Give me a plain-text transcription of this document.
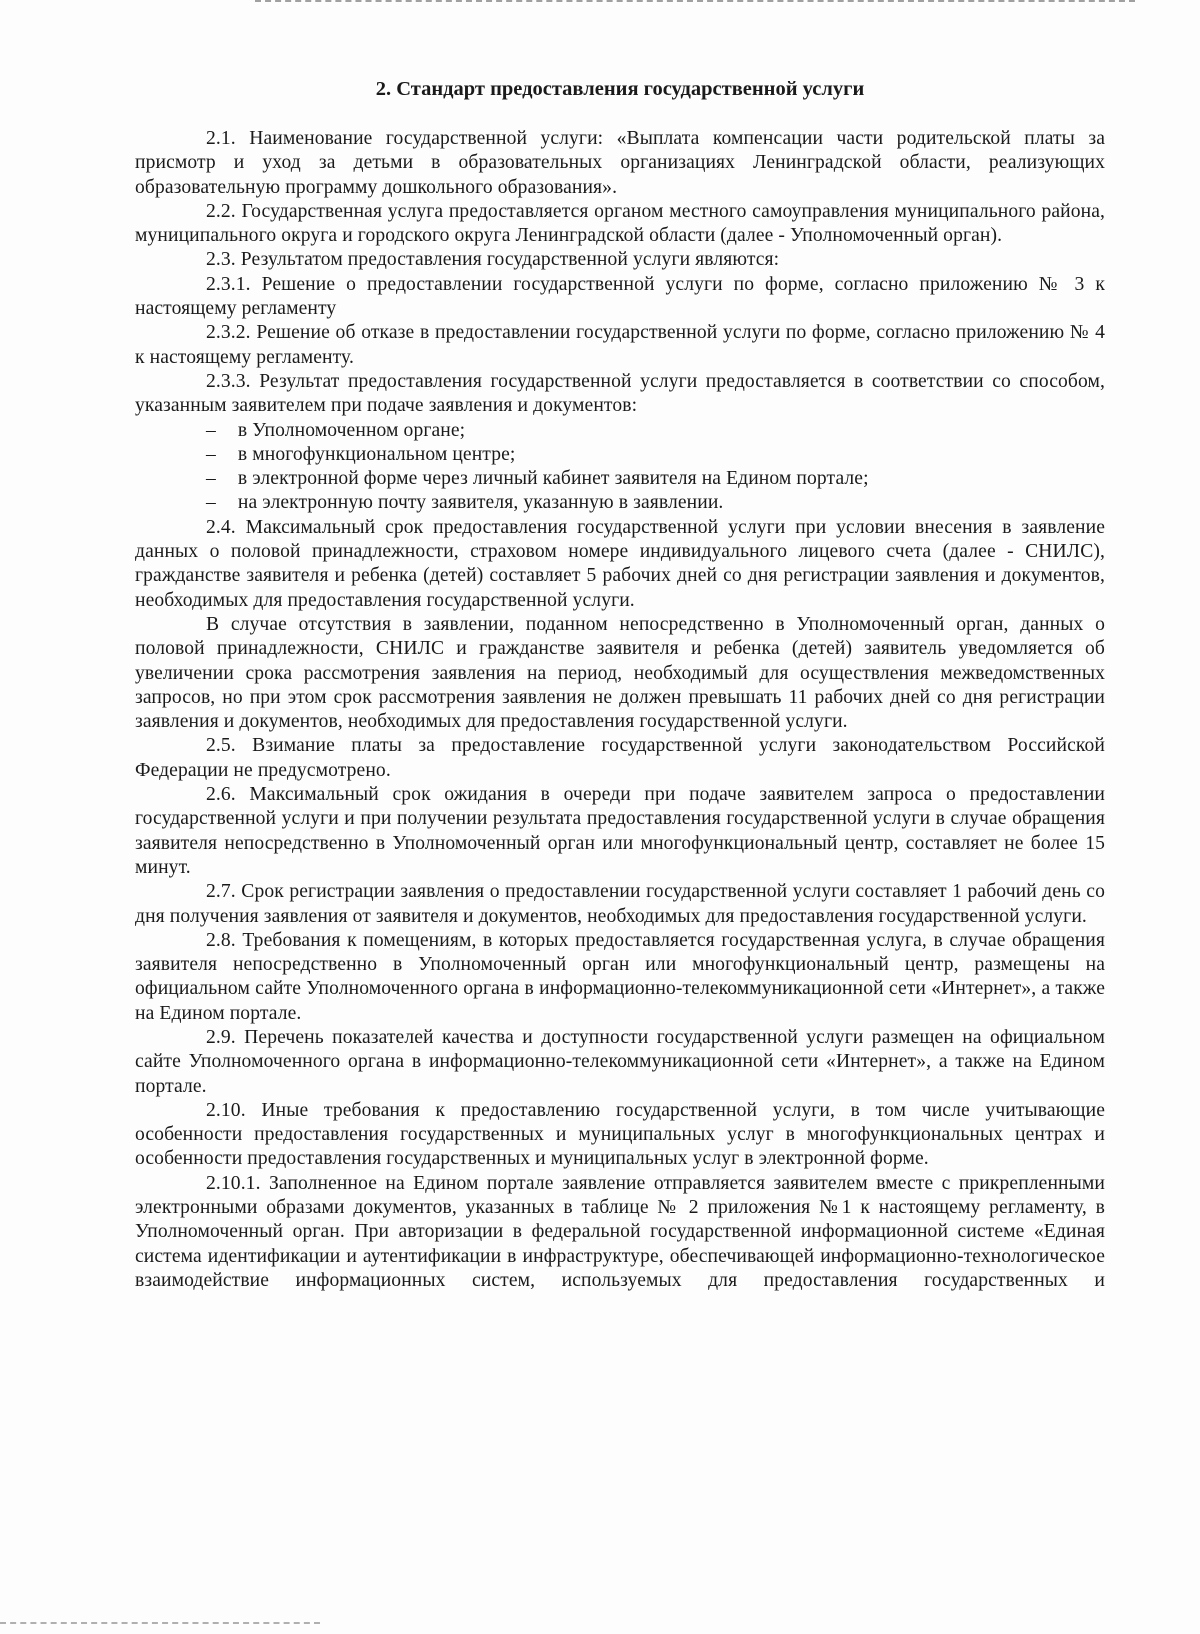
2. Стандарт предоставления государственной услуги

2.1. Наименование государственной услуги: «Выплата компенсации части родительской платы за присмотр и уход за детьми в образовательных организациях Ленинградской области, реализующих образовательную программу дошкольного образования».

2.2. Государственная услуга предоставляется органом местного самоуправления муниципального района, муниципального округа и городского округа Ленинградской области (далее - Уполномоченный орган).

2.3. Результатом предоставления государственной услуги являются:

2.3.1. Решение о предоставлении государственной услуги по форме, согласно приложению № 3 к настоящему регламенту

2.3.2. Решение об отказе в предоставлении государственной услуги по форме, согласно приложению № 4 к настоящему регламенту.

2.3.3. Результат предоставления государственной услуги предоставляется в соответствии со способом, указанным заявителем при подаче заявления и документов:

– в Уполномоченном органе;

– в многофункциональном центре;

– в электронной форме через личный кабинет заявителя на Едином портале;

– на электронную почту заявителя, указанную в заявлении.

2.4. Максимальный срок предоставления государственной услуги при условии внесения в заявление данных о половой принадлежности, страховом номере индивидуального лицевого счета (далее - СНИЛС), гражданстве заявителя и ребенка (детей) составляет 5 рабочих дней со дня регистрации заявления и документов, необходимых для предоставления государственной услуги.

В случае отсутствия в заявлении, поданном непосредственно в Уполномоченный орган, данных о половой принадлежности, СНИЛС и гражданстве заявителя и ребенка (детей) заявитель уведомляется об увеличении срока рассмотрения заявления на период, необходимый для осуществления межведомственных запросов, но при этом срок рассмотрения заявления не должен превышать 11 рабочих дней со дня регистрации заявления и документов, необходимых для предоставления государственной услуги.

2.5. Взимание платы за предоставление государственной услуги законодательством Российской Федерации не предусмотрено.

2.6. Максимальный срок ожидания в очереди при подаче заявителем запроса о предоставлении государственной услуги и при получении результата предоставления государственной услуги в случае обращения заявителя непосредственно в Уполномоченный орган или многофункциональный центр, составляет не более 15 минут.

2.7. Срок регистрации заявления о предоставлении государственной услуги составляет 1 рабочий день со дня получения заявления от заявителя и документов, необходимых для предоставления государственной услуги.

2.8. Требования к помещениям, в которых предоставляется государственная услуга, в случае обращения заявителя непосредственно в Уполномоченный орган или многофункциональный центр, размещены на официальном сайте Уполномоченного органа в информационно-телекоммуникационной сети «Интернет», а также на Едином портале.

2.9. Перечень показателей качества и доступности государственной услуги размещен на официальном сайте Уполномоченного органа в информационно-телекоммуникационной сети «Интернет», а также на Едином портале.

2.10. Иные требования к предоставлению государственной услуги, в том числе учитывающие особенности предоставления государственных и муниципальных услуг в многофункциональных центрах и особенности предоставления государственных и муниципальных услуг в электронной форме.

2.10.1. Заполненное на Едином портале заявление отправляется заявителем вместе с прикрепленными электронными образами документов, указанных в таблице № 2 приложения №1 к настоящему регламенту, в Уполномоченный орган. При авторизации в федеральной государственной информационной системе «Единая система идентификации и аутентификации в инфраструктуре, обеспечивающей информационно-технологическое взаимодействие информационных систем, используемых для предоставления государственных и
